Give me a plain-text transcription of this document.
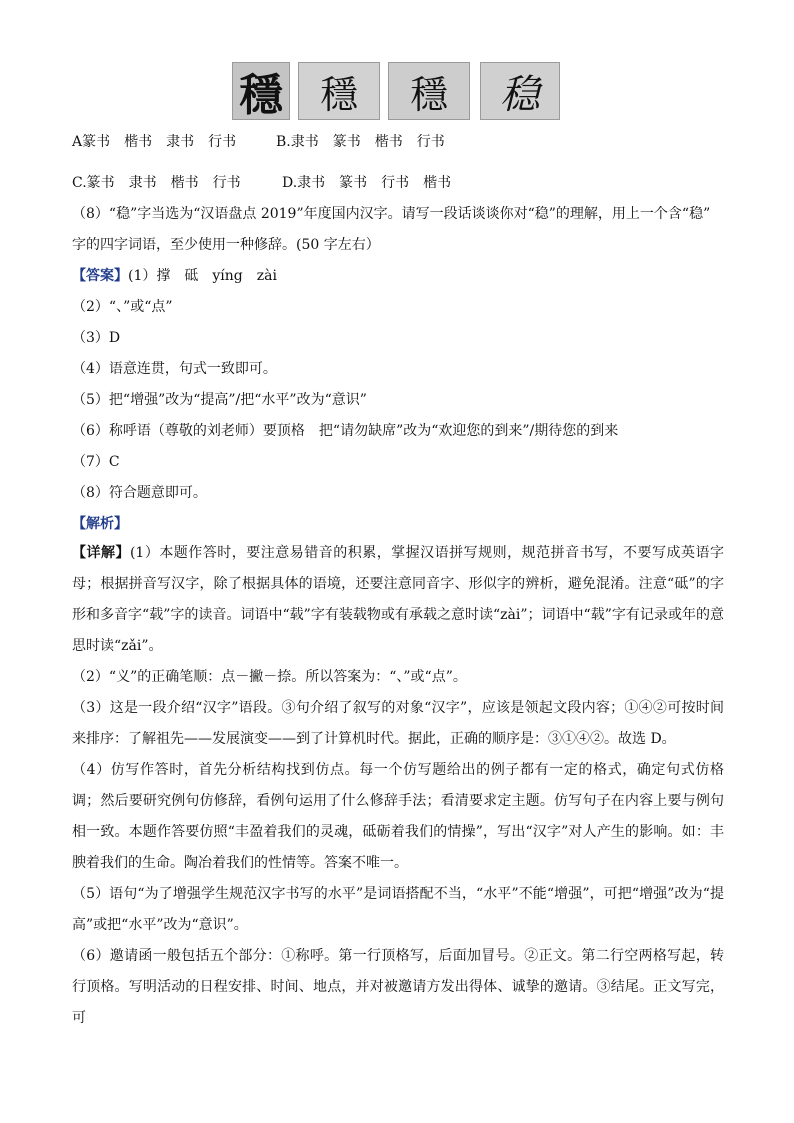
穩 穩	穩	稳
A篆书　楷书　隶书　行书	B.隶书　篆书　楷书　行书
C.篆书　隶书　楷书　行书	D.隶书　篆书　行书　楷书
（8）“稳”字当选为“汉语盘点 2019”年度国内汉字。请写一段话谈谈你对“稳”的理解，用上一个含“稳”
字的四字词语，至少使用一种修辞。(50 字左右）
【答案】(1）撑　砥　yíng　zài
（2）“、”或“点”
（3）D
（4）语意连贯，句式一致即可。
（5）把“增强”改为“提高”/把“水平”改为“意识”
（6）称呼语（尊敬的刘老师）要顶格　把“请勿缺席”改为“欢迎您的到来”/期待您的到来
（7）C
（8）符合题意即可。
【解析】
【详解】(1）本题作答时，要注意易错音的积累，掌握汉语拼写规则，规范拼音书写，不要写成英语字母；根据拼音写汉字，除了根据具体的语境，还要注意同音字、形似字的辨析，避免混淆。注意“砥”的字形和多音字“载”字的读音。词语中“载”字有装载物或有承载之意时读“zài”；词语中“载”字有记录或年的意思时读“zǎi”。
（2）“义”的正确笔顺：点－撇－捺。所以答案为：“、”或“点”。
（3）这是一段介绍“汉字”语段。③句介绍了叙写的对象“汉字”，应该是领起文段内容；①④②可按时间来排序：了解祖先——发展演变——到了计算机时代。据此，正确的顺序是：③①④②。故选 D。
（4）仿写作答时，首先分析结构找到仿点。每一个仿写题给出的例子都有一定的格式，确定句式仿格调；然后要研究例句仿修辞，看例句运用了什么修辞手法；看清要求定主题。仿写句子在内容上要与例句相一致。本题作答要仿照“丰盈着我们的灵魂，砥砺着我们的情操”，写出“汉字”对人产生的影响。如：丰腴着我们的生命。陶冶着我们的性情等。答案不唯一。
（5）语句“为了增强学生规范汉字书写的水平”是词语搭配不当，“水平”不能“增强”，可把“增强”改为“提高”或把“水平”改为“意识”。
（6）邀请函一般包括五个部分：①称呼。第一行顶格写，后面加冒号。②正文。第二行空两格写起，转行顶格。写明活动的日程安排、时间、地点，并对被邀请方发出得体、诚挚的邀请。③结尾。正文写完，可
